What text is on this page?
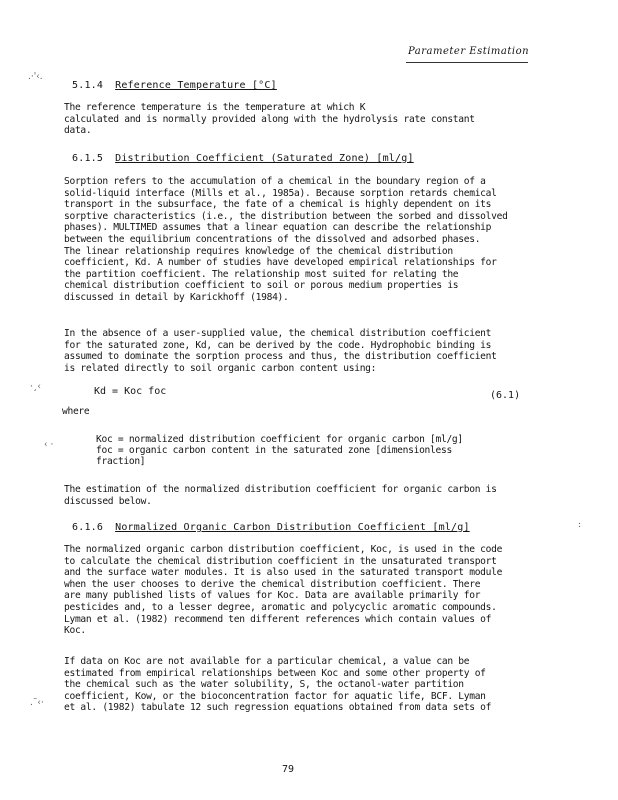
Parameter Estimation
5.1.4 Reference Temperature [°C]
The reference temperature is the temperature at which K
calculated and is normally provided along with the hydrolysis rate constant
data.
6.1.5 Distribution Coefficient (Saturated Zone) [ml/g]
Sorption refers to the accumulation of a chemical in the boundary region of a
solid-liquid interface (Mills et al., 1985a). Because sorption retards chemical
transport in the subsurface, the fate of a chemical is highly dependent on its
sorptive characteristics (i.e., the distribution between the sorbed and dissolved
phases). MULTIMED assumes that a linear equation can describe the relationship
between the equilibrium concentrations of the dissolved and adsorbed phases.
The linear relationship requires knowledge of the chemical distribution
coefficient, Kd. A number of studies have developed empirical relationships for
the partition coefficient. The relationship most suited for relating the
chemical distribution coefficient to soil or porous medium properties is
discussed in detail by Karickhoff (1984).
In the absence of a user-supplied value, the chemical distribution coefficient
for the saturated zone, Kd, can be derived by the code. Hydrophobic binding is
assumed to dominate the sorption process and thus, the distribution coefficient
is related directly to soil organic carbon content using:
Kd = Koc foc	(6.1)
where
Koc = normalized distribution coefficient for organic carbon [ml/g]
foc = organic carbon content in the saturated zone [dimensionless
fraction]
The estimation of the normalized distribution coefficient for organic carbon is
discussed below.
6.1.6 Normalized Organic Carbon Distribution Coefficient [ml/g]
The normalized organic carbon distribution coefficient, Koc, is used in the code
to calculate the chemical distribution coefficient in the unsaturated transport
and the surface water modules. It is also used in the saturated transport module
when the user chooses to derive the chemical distribution coefficient. There
are many published lists of values for Koc. Data are available primarily for
pesticides and, to a lesser degree, aromatic and polycyclic aromatic compounds.
Lyman et al. (1982) recommend ten different references which contain values of
Koc.
If data on Koc are not available for a particular chemical, a value can be
estimated from empirical relationships between Koc and some other property of
the chemical such as the water solubility, S, the octanol-water partition
coefficient, Kow, or the bioconcentration factor for aquatic life, BCF. Lyman
et al. (1982) tabulate 12 such regression equations obtained from data sets of
79
.·'‹.
·¸‹
‹ ·
.˜‹·
:
